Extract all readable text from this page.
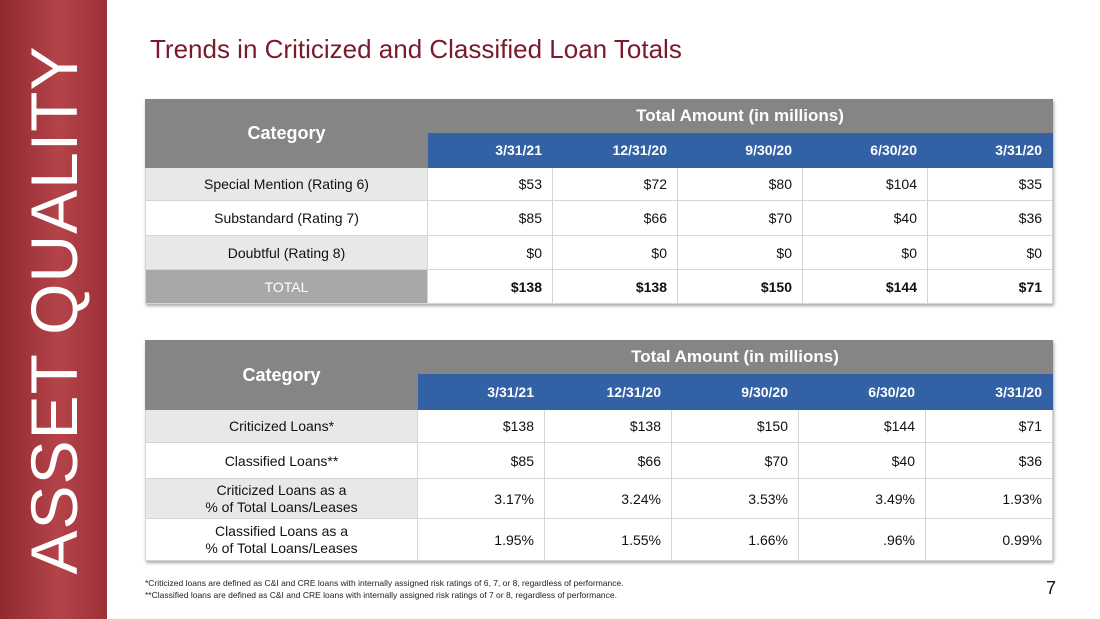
ASSET QUALITY Trends in Criticized and Classified Loan Totals
Category	Total Amount (in millions)				
	3/31/21	12/31/20	9/30/20	6/30/20	3/31/20
Special Mention (Rating 6)	$53	$72	$80	$104	$35
Substandard (Rating 7)	$85	$66	$70	$40	$36
Doubtful (Rating 8)	$0	$0	$0	$0	$0
TOTAL	$138	$138	$150	$144	$71
Category	Total Amount (in millions)				
	3/31/21	12/31/20	9/30/20	6/30/20	3/31/20
Criticized Loans*	$138	$138	$150	$144	$71
Classified Loans**	$85	$66	$70	$40	$36
Criticized Loans as a
% of Total Loans/Leases	3.17%	3.24%	3.53%	3.49%	1.93%
Classified Loans as a
% of Total Loans/Leases	1.95%	1.55%	1.66%	.96%	0.99%
*Criticized loans are defined as C&I and CRE loans with internally assigned risk ratings of 6, 7, or 8, regardless of performance.
**Classified loans are defined as C&I and CRE loans with internally assigned risk ratings of 7 or 8, regardless of performance.	7
